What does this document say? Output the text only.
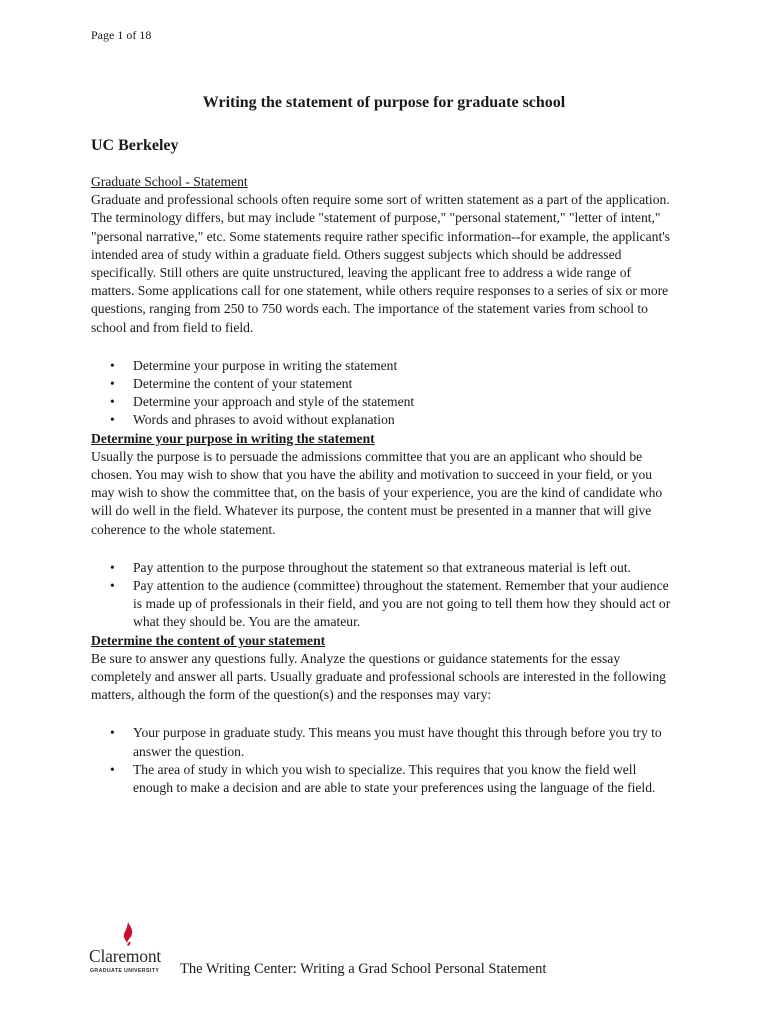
Page 1 of 18
Writing the statement of purpose for graduate school
UC Berkeley

Graduate School - Statement

Graduate and professional schools often require some sort of written statement as a part of the application. The terminology differs, but may include "statement of purpose," "personal statement," "letter of intent," "personal narrative," etc. Some statements require rather specific information--for example, the applicant's intended area of study within a graduate field. Others suggest subjects which should be addressed specifically. Still others are quite unstructured, leaving the applicant free to address a wide range of matters. Some applications call for one statement, while others require responses to a series of six or more questions, ranging from 250 to 750 words each. The importance of the statement varies from school to school and from field to field.

• Determine your purpose in writing the statement
• Determine the content of your statement
• Determine your approach and style of the statement
• Words and phrases to avoid without explanation

Determine your purpose in writing the statement

Usually the purpose is to persuade the admissions committee that you are an applicant who should be chosen. You may wish to show that you have the ability and motivation to succeed in your field, or you may wish to show the committee that, on the basis of your experience, you are the kind of candidate who will do well in the field. Whatever its purpose, the content must be presented in a manner that will give coherence to the whole statement.

• Pay attention to the purpose throughout the statement so that extraneous material is left out.
• Pay attention to the audience (committee) throughout the statement. Remember that your audience is made up of professionals in their field, and you are not going to tell them how they should act or what they should be. You are the amateur.

Determine the content of your statement

Be sure to answer any questions fully. Analyze the questions or guidance statements for the essay completely and answer all parts. Usually graduate and professional schools are interested in the following matters, although the form of the question(s) and the responses may vary:

• Your purpose in graduate study. This means you must have thought this through before you try to answer the question.
• The area of study in which you wish to specialize. This requires that you know the field well enough to make a decision and are able to state your preferences using the language of the field.
Claremont
GRADUATE UNIVERSITY The Writing Center: Writing a Grad School Personal Statement
